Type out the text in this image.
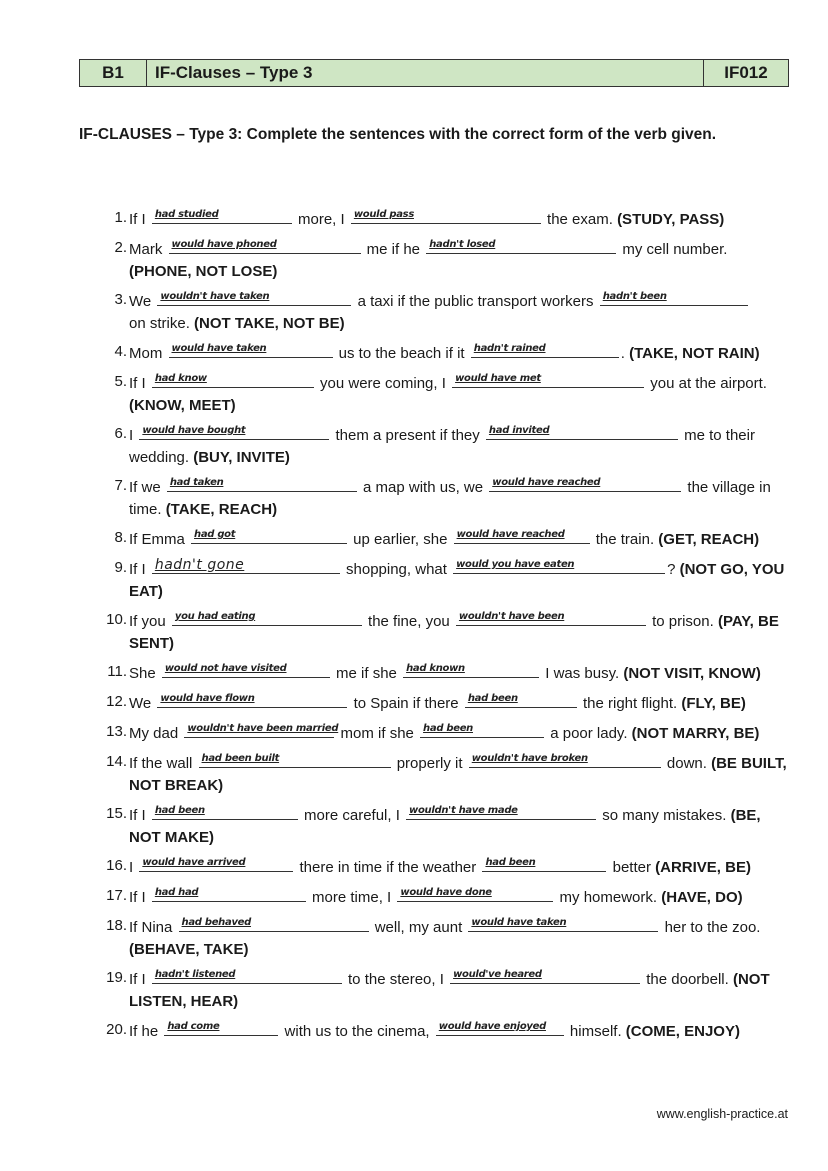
B1	IF-Clauses – Type 3	IF012
IF-CLAUSES – Type 3: Complete the sentences with the correct form of the verb given.
1. If I had studied	more, I would pass	the exam. (STUDY, PASS)
2. Mark would have phoned	me if he hadn't losed	my cell number.
(PHONE, NOT LOSE)
3. We wouldn't have taken	a taxi if the public transport workers hadn't been

on strike. (NOT TAKE, NOT BE)
4. Mom would have taken	us to the beach if it hadn't rained	. (TAKE, NOT RAIN)
5. If I had know	you were coming, I would have met	you at the airport. (KNOW, MEET)
6. I would have bought	them a present if they had invited	me to their wedding. (BUY, INVITE)
7. If we had taken	a map with us, we would have reached	the village in time. (TAKE, REACH)
8. If Emma had got	up earlier, she would have reached the train. (GET, REACH)
9. If I hadn't gone	shopping, what would you have eaten	? (NOT GO, YOU EAT)
10. If you you had eating	the fine, you wouldn't have been	to prison. (PAY, BE SENT)
11. She would not have visited	me if she had known	I was busy. (NOT VISIT, KNOW)
12. We would have flown	to Spain if there had been	the right flight. (FLY, BE)
13. My dad wouldn't have been married
mom if she had been	a poor lady. (NOT MARRY, BE)
14. If the wall had been built	properly it wouldn't have broken	down. (BE BUILT, NOT BREAK)
15. If I had been	more careful, I wouldn't have made	so many mistakes. (BE, NOT MAKE)
16. I would have arrived	there in time if the weather had been	better (ARRIVE, BE)
17. If I had had	more time, I would have done	my homework. (HAVE, DO)
18. If Nina had behaved	well, my aunt would have taken	her to the zoo. (BEHAVE, TAKE)
19. If I hadn't listened	to the stereo, I would've heared	the doorbell. (NOT LISTEN, HEAR)
20. If he had come	with us to the cinema, would have enjoyed himself. (COME, ENJOY)
www.english-practice.at
